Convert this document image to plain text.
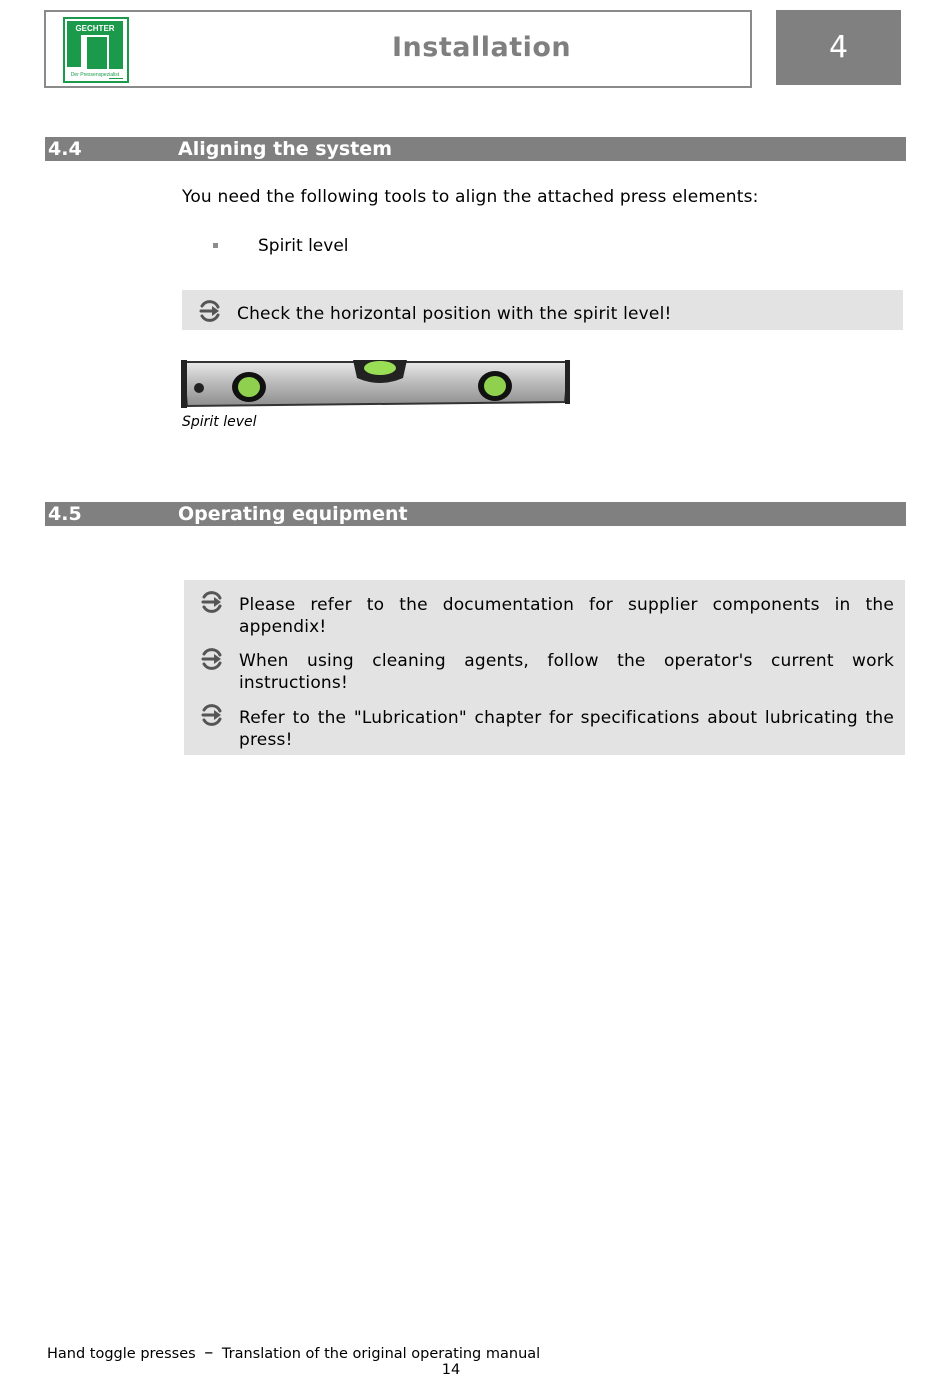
GECHTER
Der Pressenspezialist
Installation	4
4.4	Aligning the system
You need the following tools to align the attached press elements:
Spirit level
Check the horizontal position with the spirit level!
Spirit level
4.5	Operating equipment
Please refer to the documentation for supplier components in the appendix!
When using cleaning agents, follow the operator's current work instructions!
Refer to the "Lubrication" chapter for specifications about lubricating the press!
Hand toggle presses – Translation of the original operating manual
14
